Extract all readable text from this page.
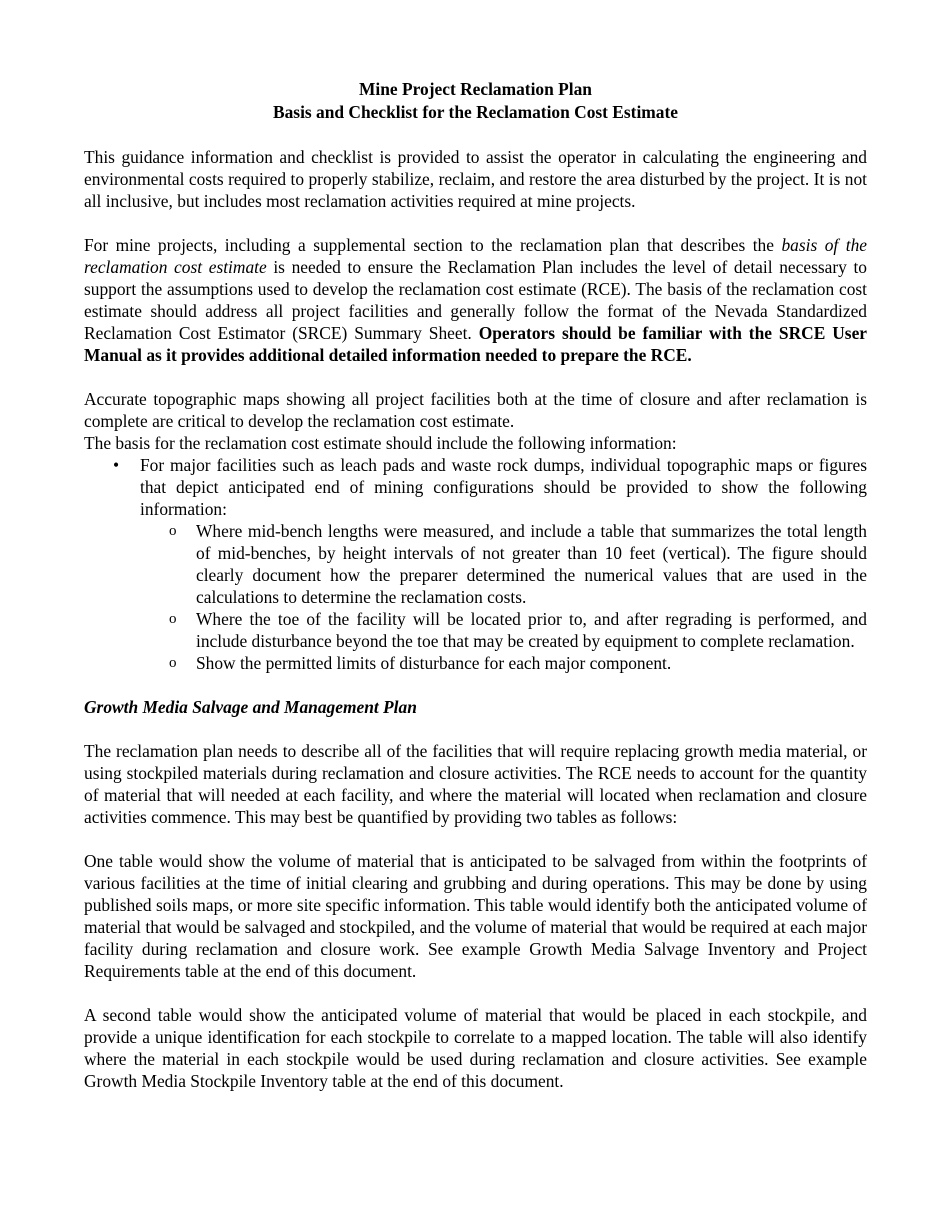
Mine Project Reclamation Plan
Basis and Checklist for the Reclamation Cost Estimate

This guidance information and checklist is provided to assist the operator in calculating the engineering and environmental costs required to properly stabilize, reclaim, and restore the area disturbed by the project. It is not all inclusive, but includes most reclamation activities required at mine projects.

For mine projects, including a supplemental section to the reclamation plan that describes the basis of the reclamation cost estimate is needed to ensure the Reclamation Plan includes the level of detail necessary to support the assumptions used to develop the reclamation cost estimate (RCE). The basis of the reclamation cost estimate should address all project facilities and generally follow the format of the Nevada Standardized Reclamation Cost Estimator (SRCE) Summary Sheet. Operators should be familiar with the SRCE User Manual as it provides additional detailed information needed to prepare the RCE.

Accurate topographic maps showing all project facilities both at the time of closure and after reclamation is complete are critical to develop the reclamation cost estimate.

The basis for the reclamation cost estimate should include the following information:

• For major facilities such as leach pads and waste rock dumps, individual topographic maps or figures that depict anticipated end of mining configurations should be provided to show the following information:
o Where mid-bench lengths were measured, and include a table that summarizes the total length of mid-benches, by height intervals of not greater than 10 feet (vertical). The figure should clearly document how the preparer determined the numerical values that are used in the calculations to determine the reclamation costs.
o Where the toe of the facility will be located prior to, and after regrading is performed, and include disturbance beyond the toe that may be created by equipment to complete reclamation.
o Show the permitted limits of disturbance for each major component.

Growth Media Salvage and Management Plan

The reclamation plan needs to describe all of the facilities that will require replacing growth media material, or using stockpiled materials during reclamation and closure activities. The RCE needs to account for the quantity of material that will needed at each facility, and where the material will located when reclamation and closure activities commence. This may best be quantified by providing two tables as follows:

One table would show the volume of material that is anticipated to be salvaged from within the footprints of various facilities at the time of initial clearing and grubbing and during operations. This may be done by using published soils maps, or more site specific information. This table would identify both the anticipated volume of material that would be salvaged and stockpiled, and the volume of material that would be required at each major facility during reclamation and closure work. See example Growth Media Salvage Inventory and Project Requirements table at the end of this document.

A second table would show the anticipated volume of material that would be placed in each stockpile, and provide a unique identification for each stockpile to correlate to a mapped location. The table will also identify where the material in each stockpile would be used during reclamation and closure activities. See example Growth Media Stockpile Inventory table at the end of this document.
